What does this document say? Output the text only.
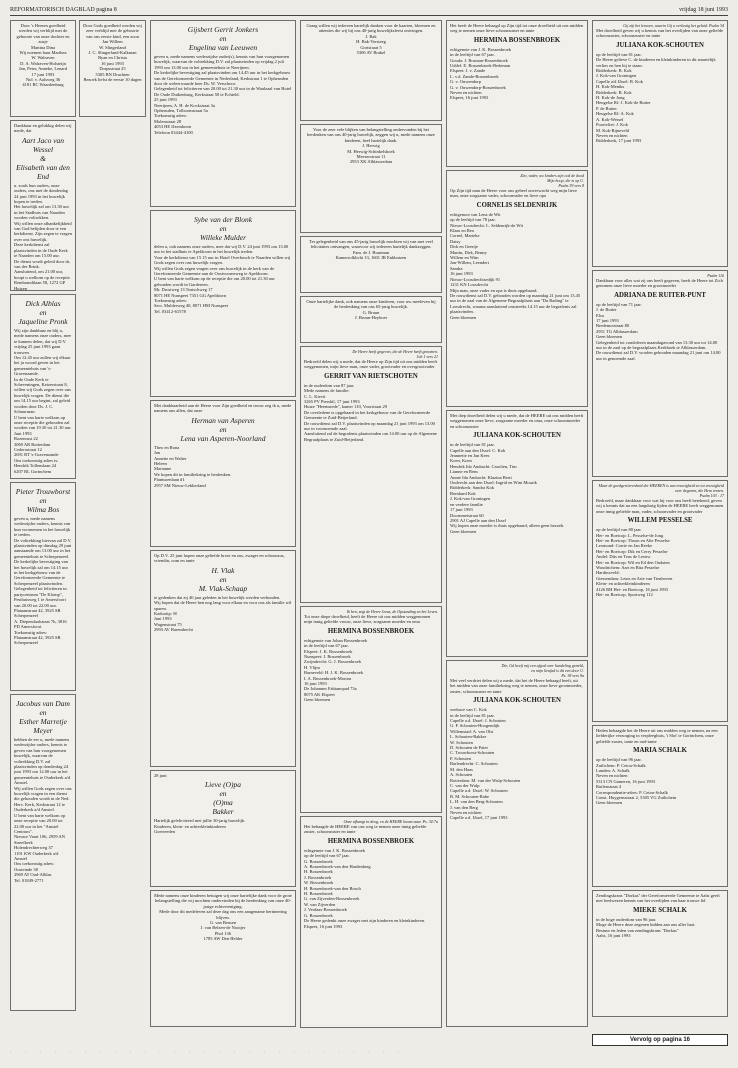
REFORMATORISCH DAGBLAD pagina 8	vrijdag 18 juni 1993
Door 's Heeren goedheid werden wij verblijd met de geboorte van onze dochter en zusje
Martina Dina
Wij noemen haar Marthea
W. Walraven
D. A. Walraven-Holsteijn
Jan, Peter, Anneke, Lenard
17 juni 1993
Nol. v. Aalsweg 36
4181 BC Waardenburg
Dankbaar en gelukkig delen wij mede, dat
Aart Jaco van Wessel
&
Elisabeth van den End
u. zoals hun ouders, onze ouders, ons met de donderdag 24 juni 1993 in het huwelijk hopen te treden.
Het huwelijk zal om 13.30 uur in het Stadhuis van Naarden worden voltrokken.
Wij willen onze afhankelijkheid van God belijden door te een kerkdienst. Zijn zegen te vragen over ons huwelijk.
Deze kerkdienst zal plaatsvinden in de Oude Kerk te Naarden om 15.00 uur.
De dienst wordt geleid door ds. van der Brink.
Aansluitend, om 21.00 uur, hoopt u welkom op de receptie.
Rembrandtlaan 58, 1272 GP Huizen

Dick Alblas
en
Jaqueline Pronk
Wij zijn dankbaar en blij u, mede namens onze ouders, mee te kunnen delen, dat wij D.V. vrijdag 25 juni 1993 gaan trouwen.
Om 12.45 uur zullen wij elkaar het ja woord geven in het gemeentehuis van 's-Gravenzande.
In de Oude Kerk te Scheveningen, Keizerstraat 8, willen wij Gods zegen over ons huwelijk vragen. De dienst die om 14.15 uur begint, zal geleid worden door Ds. J. C. Schuurman.
U bent van harte welkom op onze receptie die gehouden zal worden van 19.30 tot 21.30 uur.
Juni 1993
Rozenrust 22
3069 AR Rotterdam
Cedersstraat 12
2691 RT 's-Gravenzande
Ons toekomstig adres is:
Hendrik Tollenslaan 24
6207 RL Gorinchem
Pieter Trouwborst
en
Wilma Bos
geven u, mede namens wederzijdse ouders, kennis van hun voornemen in het huwelijk te treden.
De voltrekking hiervan zal D.V. plaatsvinden op dinsdag 29 juni aanstaande om 13.00 uur in het gemeentehuis te Scherpenzeel.
De kerkelijke bevestiging van het huwelijk zal om 14.15 uur in het kerkgebouw van de Gereformeerde Gemeente te Scherpenzeel plaatsvinden.
Gelegenheid tot feliciteren in partycentrum "De Klomp", Pesthuisweg 1 te Amersfoort van 20.00 tot 22.00 uur.
Plataanstraat 42, 3925 SB Scherpenzeel
A. Diependaalstraat 7b, 3816 PD Amersfoort
Toekomstig adres:
Plataanstraat 42, 3925 SB Scherpenzeel
Jacobus van Dam
en
Esther Marretje Meyer
hebben de eer u, mede namens wederzijdse ouders, kennis te geven van hun voorgenomen huwelijk, waarvan de voltrekking D.V. zal plaatsvinden op donderdag 24 juni 1993 om 12.00 uur in het gemeentehuis te Ouderkerk a/d Amstel.
Wij willen Gods zegen over ons huwelijk vragen in een dienst die gehouden wordt in de Ned. Herv. Kerk, Kerkstraat 12 te Ouderkerk a/d Amstel.
U bent van harte welkom op onze receptie van 20.00 tot 22.00 uur in het "Amstel Centrum".
Nieuwe Vaart 106, 2959 AN Streefkerk
Holendrechterweg 37
1191 KW Ouderkerk a/d Amstel
Ons toekomstig adres: Oosteinde 38
2969 AT Oud-Alblas
Tel. 01849-2771
Door Gods goedheid werden wij zeer verblijd met de geboorte van ons eerste kind, een zoon
Jan Willem
W. Slingerland
J. C. Slingerland-Kalkman
Ryan en Christa
16 juni 1993
Dorpsstraat 25
5305 BN Drachten
Bezoek liefst de eerste 10 dagen
Gijsbert Gerrit Jonkers
en
Engelina van Leeuwen
geven u, mede namens wederzijdse ouder(s), kennis van hun voorgenomen huwelijk, waarvan de voltrekking D.V. zal plaatsvinden op vrijdag 2 juli 1993 om 13.00 uur in het gemeentehuis te Neerijnen.
De kerkelijke bevestiging zal plaatsvinden om 14.45 uur in het kerkgebouw van de Gereformeerde Gemeente in Nederland, Kerkstraat 1 te Opheusden door de weleerwaarde heer Ds. W. Verschoor.
Gelegenheid tot feliciteren van 20.00 tot 21.30 uur in de Waalzaal van Hotel De Oude Duikenburg, Kerkstraat 50 te Echteld.
25 juni 1993
Neerijnen, A. H. de Kockstraat 3a
Opheusden, Tolboomstraat 5a
Toekomstig adres:
Molenstraat 28
4053 HE IJzendoorn
Telefoon 03444-4100
Sybe van der Blonk
en
Willeke Mulder
delen u, ook namens onze ouders, mee dat wij D.V. 24 juni 1993 om 13.00 uur in het stadhuis te Apeldoorn in het huwelijk treden.
Voor de kerkdienst van 15.15 uur in Hotel Overbosch te Naarden willen wij Gods zegen over ons huwelijk vragen.
Wij willen Gods zegen vragen over ons huwelijk in de kerk van de Gereformeerde Gemeente aan de Oostvoorneweg te Apeldoorn.
U bent van harte welkom op de receptie die om 20.00 tot 21.30 uur gehouden wordt in Gardereen.
Mr. Drostweg 13 Teatschweg 17
8071 HE Nunspeet 7351 GG Apeldoorn
Toekomstig adres:
Secr. Mulderweg 40, 8071 HM Nunspeet
Tel. 03412-61578
Met dankbaarheid aan de Heere voor Zijn goedheid en trouw zeg ik u, mede namens ons allen, dat onze
Herman van Asperen
en
Lena van Asperen-Noorland
Theo en Rona
Jan
Annette en Walter
Heleen
Marianne
We hopen dit in familiekring te herdenken.
Plantsoenlaan #1
2957 SM Nieuw-Lekkerland
Op D.V. 25 juni hopen onze geliefde broer en zus, zwager en schoonzus, vriendin, oom en tante
H. Vlak
en
M. Vlak-Schaap
te gedenken dat zij 40 jaar geleden in het huwelijk werden verbonden.
Wij hopen dat de Heere hen nog lang voor elkaar en voor ons als familie wil sparen.
Kadootip: ✉
Juni 1993
Wagenstraat 75
2993 AV Barendrecht
28 juni
Lieve (O)pa
en
(O)ma
Bakker
Hartelijk gefeliciteerd met jullie 30-jarig huwelijk.
Kinderen, klein- en achterkleinkinderen
Goerreeden
Mede namens onze kinderen betuigen wij onze hartelijke dank voor de grote belangstelling die wij mochten ondervinden bij de herdenking van onze 40-jarige echtvereniging.
Mede door dit medeleven zal deze dag ons een aangename herinnering blijven.
G. van Beusen
J. van Belzen-de Nooijer
Phol 136
1785 AW Den Helder
Graag willen wij iedereen hartelijk danken voor de kaarten, bloemen en attenties die wij bij ons 40-jarig huwelijksfeest ontvingen.
J. Bak
H. Bak-Versteeg
Gortstraat 5
5306 AV Brakel
Voor de zeer vele blijken van belangstelling ondervonden bij het herdenken van ons 40-jarig huwelijk, zeggen wij u, mede namens onze kinderen, heel hartelijk dank.
J. Herwig
M. Herwig-Schinkelshoek
Meeuwstraat 11
2953 XK Alblasserdam
Ter gelegenheid van ons 45-jarig huwelijk mochten wij van met veel felicitaties ontvangen, waarvoor wij iedereen hartelijk dankzeggen.
Fam. de J. Buurman
Kamerrolklicht 13, 1601 JR Enkhuizen
Onze hartelijke dank, ook namens onze kinderen, voor uw meeleven bij de herdenking van ons 65-jarig huwelijk.
G. Bruun
J. Bruun-Heyboer
De Heere heeft gegeven, die de Heere heeft genomen.
Job 1 vers 21
Bedroefd delen wij u mede, dat de Heere op Zijn tijd uit ons midden heeft weggenomen, mijn lieve man, onze vader, grootvader en overgrootvader
GERRIT VAN RIETSCHOTEN
in de ouderdom van 87 jaar.
Mede namens de familie:
C. L. Kievit
3265 PV Piershil, 17 juni 1993
Huize "Heemstede", kamer 110, Voorstraat 29
De overledene is opgebaard in het kerkgebouw van de Gereformeerde Gemeente te Zuid-Beijerland.
De rouwdienst zal D.V. plaatsvinden op maandag 21 juni 1993 om 13.00 uur in voornoemde zaal.
Aansluitend zal de begrafenis plaatsvinden om 14.00 uur op de Algemene Begraafplaats te Zuid-Beijerland.
Ik ben, zegt de Heere Jezus, de Opstanding en het Leven.
Tot onze diepe droefheid, heeft de Heere uit ons midden weggenomen mijn innig geliefde vrouw, onze lieve, zorgzame moeder en oma
HERMINA BOSSENBROEK
echtgenote van Johan Bossenbroek
in de leeftijd van 67 jaar.
Elspeet: J. K. Bossenbroek
Nunspeet: J. Bossenbroek
Zwijndrecht: G. J. Bossenbroek
H. Vlijm
Barneveld: H. J. K. Bossenbroek
I. A. Bossenbroek-Morton
16 juni 1993
De Johannes Fabianopad 73a
8075 AK Elspeet
Geen bloemen
Onze afhangt in deog, en de HEERE kwam naar. Ps. 34:7a
Het behaagde de HEERE van ons weg te nemen onze innig geliefde zuster, schoonzuster en tante
HERMINA BOSSENBROEK
echtgenote van J. K. Bossenbroek
op de leeftijd van 67 jaar.
G. Bossenbroek
A. Bossenbroek-van den Hardenberg
H. Bossenbroek
J. Bossenbroek
W. Bossenbroek
H. Bossenbroek-van den Bosch
H. Bossenbroek
G. van Zijverden-Bossenbroek
W. van Zijverden
J. Verdaas-Bossenbroek
G. Bossenbroek
De Heere gedenkt onze zwager met zijn kinderen en kleinkinderen.
Elspeet, 16 juni 1993
Het heeft de Heere behaagd op Zijn tijd tot onze droefheid uit ons midden weg te nemen onze lieve schoonzuster en tante
HERMINA BOSSENBROEK
echtgenote van J. K. Bossenbroek
in de leeftijd van 67 jaar.
Gouda: J. Bosman-Bossenbroek
Uddel: E. Bossenbroek-Bedeman
Elspeet: J. v. Zande
L. v.d. Zande-Bossenbroek
G. v. Ouwendorp
G. v. Ouwendorp-Bossenbroek
Neven en nichten
Elspeet, 16 juni 1993
Ziet, vader, uw kinders zijn ook de dood
Mijn hoop, die is op U.
Psalm 39 vers 8
Op Zijn tijd nam de Heere voor ons geheel onverwacht weg mijn lieve man, onze zorgzame vader, schoonvader en lieve opa
CORNELIS SELDENRIJK
echtgenoot van Lena de Wit
op de leeftijd van 78 jaar.
Nieuw-Loosdrecht: L. Seldenrijk-de Wit
Klaas en Bea
Cornel, Marieke
Daisy
Dirk en Geertje
Martin, Dirk, Benny
Willem en Wim
Jan-Willem, Leendert
Sandra
16 juni 1993
Nieuw-Loosdrechtsedijk 91
1231 KN Loosdrecht
Mijn man, onze vader en opa is thuis opgebaard.
De rouwdienst zal D.V. gehouden worden op maandag 21 juni om 13.45 uur in de zaal van de Algemene Begraafplaats aan "Da Rading" te Loosdrecht, waarna aansluitend omstreeks 14.15 uur de begrafenis zal plaatsvinden.
Geen bloemen
Met diep droefheid delen wij u mede, dat de HEERE uit ons midden heeft weggenomen onze lieve, zorgzame moeder en oma, onze schoonmoeder en schoonzuster
JULIANA KOK-SCHOUTEN
in de leeftijd van 81 jaar.
Capelle aan den IJssel: C. Kok
Jeannette en Jan Kees
Koen, Koen
Hendrik Ido Ambacht: Carolien, Tim
Lianne en Rens
Annie Ida Ambacht: Klazina Berti
Oudvecht aan den IJssel: Ingrid en Wim Mourik
Ridderkerk: Sandra Kok
Bernhard Kok
J. Kok-van Groningen
en verdere familie
17 juni 1993
Doornmetstraat 60
2901 AJ Capelle aan den IJssel
Wij hopen onze moeder is thuis opgebaard, alleen geen bezoek.
Geen bloemen
Die, Gd heeft mij een afgod over handeling getreld,
en mijn lieufad is dit een door U.
Ps. 38 vers 9a
Met veel verdriet delen wij u mede, dat het de Heere behaagd heeft, uit het midden van onze familiekring weg te nemen, onze lieve grootmoeder, zuster, schoonzuster en tante
JULIANA KOK-SCHOUTEN
weduwe van C. Kok
in de leeftijd van 81 jaar.
Capelle a.d. IJssel: J. Schouten
G. F. Schouten-Hoogendijk
Willemstad: A. van Olst
L. Schouten-Bakker
W. Schouten
D. Schouten de Pater
C. Trouwborst-Schouten
P. Schouten
Barlendrecht: C. Schouten
M. den Haas
A. Schouten
Rotterdam: M. van der Wulp-Schouten
C. van der Wulp
Capelle a.d. IJssel: W. Schouten
B. M. Schouten-Rabe
L. H. van den Berg-Schouten
J. van den Berg
Neven en nichten
Capelle a.d. IJssel, 17 juni 1993
Vervolg op pagina 16
Gij zijt het lemoen, waarin Gij u verlustig het geluid. Psalm 34
Met droefheid geven wij u kennis van het overlijden van onze geliefde schoonzuster, schoonzuster en tante
JULIANA KOK-SCHOUTEN
op de leeftijd van 81 jaar.
De Heere gelieve C. de kinderen en kleinkinderen in dit smartelijk verlies en hen bij te staan.
Ridderkerk: B. Kok
J. Kok-van Groningen
Capelle a/d IJssel: B. Kok
H. Kok-Meniks
Ridderkerk: B. Kok
H. Kok-de Jong
Heugelse Rf: J. Kok-de Ruiter
P. de Ruiter
Heugelse Rf: A. Kok
A. Kok-Wessel
Poortvliet: J. Kok
M. Kok-Rijneveld
Neven en nichten
Ridderkerk, 17 juni 1993
Psalm 116
Dankbaar voor alles wat zij ons heeft gegeven, heeft de Heere tot Zich genomen onze lieve moeder en grootmoeder
ADRIANA DE RUITER-PUNT
op de leeftijd van 71 jaar.
J. de Ruiter
Elsa
17 juni 1993
Bredemotstraat 80
2951 TG Alblasserdam
Geen bloemen
Gelegenheid tot condoleren maandagavond van 13.30 uur tot 14.00 uur in de zaal op de begraafplaats Kerkhoek te Alblasserdam.
De rouwdienst zal D.V. worden gehouden maandag 21 juni om 14.00 uur in genoemde zaal.
Maar de goedgertierenheid der HEEREN is van eeuwigheid en tot eeuwigheid over degenen, die Hem vrezen.
Psalm 103 : 17
Bedroefd, maar dankbaar voor wat hij voor ons heeft betekend, geven wij u kennis dat na een langdurig lijden de HEERE heeft weggenomen onze innig geliefde man, vader, schoonvader en grootvader
WILLEM PESSELSE
op de leeftijd van 80 jaar.
Hei- en Boeicop: L. Pesselse-de Jong
Hei- en Boeicop: Thoon en Alie Pesselse
Lexmond: Corrie en Jan Reeke
Hei- en Boeicop: Dik en Cerry Pesselse
Andel: Dits en Teus de Leeuw
Hei- en Boeicop: Wil en Ed den Oudsten
Woudrichem: Aart en Rita Pesselse
Hardinxveld:
Giessendam: Leuis en Arie van Tienhoven
Klein- en achterkleinkinderen
4126 RH Hei- en Boeicop, 16 juni 1993
Hei- en Boeicop, Sportweg 112
Heden behaagde het de Heere uit ons midden weg te nemen, na een liefderijke verzorging in verpleeghuis, 't Slot' te Gorinchem, onze geliefde zuster, tante en oud-tante
MARIA SCHALK
op de leeftijd van 96 jaar.
Zuilichem: P. Cetou-Schalk
Lunden: A. Schalk
Neven en nichten
5313 CN Gameren, 16 juni 1993
Ruilenstraat 4
Correspondentie-adres: P. Cetou-Schalk
Const. Huygensstraat 2, 5305 VG Zuilichem
Geen bloemen
Zendingskrans "Dorkas" der Gereformeerde Gemeente te Aalst geeft met leedwezen kennis van het overlijden van haar trouwe lid
MIEKE SCHALK
in de hoge ouderdom van 96 jaar.
Moge de Heere deze zegenen bidden aan ons aller hart.
Bestuur en leden van zendingskrans "Dorkas"
Aalst, 16 juni 1993
· · · · · · · · · · · · · · · · · · · · · · · · · · ·
